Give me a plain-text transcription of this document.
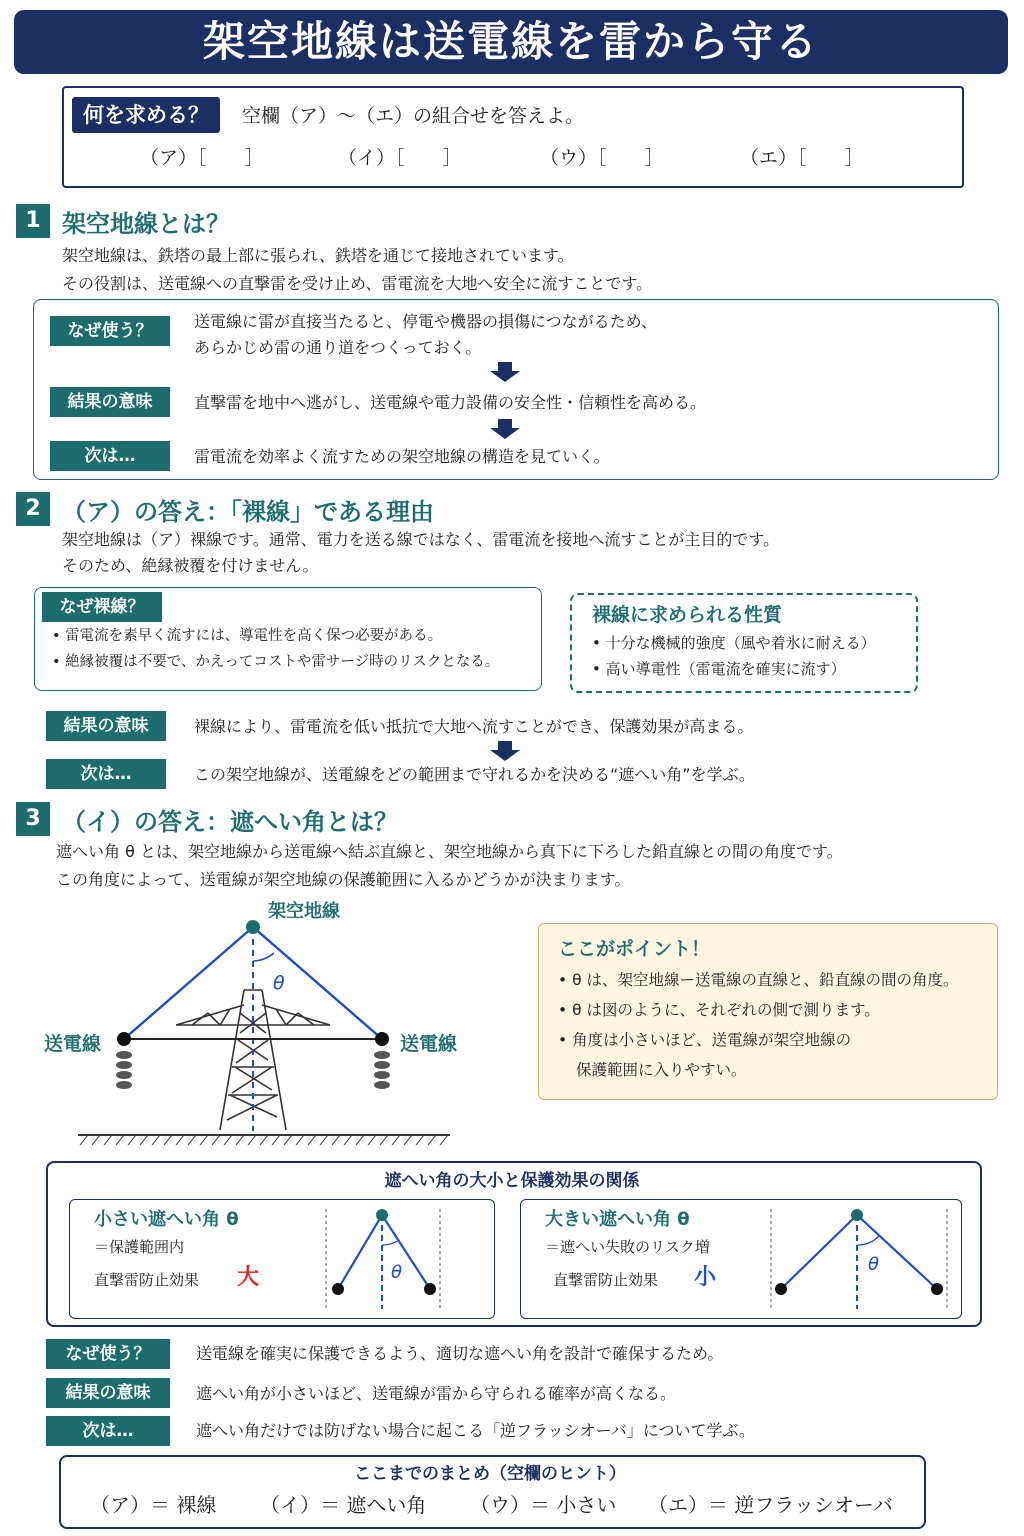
架空地線は送電線を雷から守る
何を求める？	空欄（ア）〜（エ）の組合せを答えよ。
（ア）［　　］	（イ）［　　］	（ウ）［　　］	（エ）［　　］
1 架空地線とは？
架空地線は、鉄塔の最上部に張られ、鉄塔を通じて接地されています。
その役割は、送電線への直撃雷を受け止め、雷電流を大地へ安全に流すことです。
なぜ使う？	送電線に雷が直接当たると、停電や機器の損傷につながるため、
あらかじめ雷の通り道をつくっておく。
結果の意味	直撃雷を地中へ逃がし、送電線や電力設備の安全性・信頼性を高める。
次は…	雷電流を効率よく流すための架空地線の構造を見ていく。
2 （ア）の答え：「裸線」である理由
架空地線は（ア）裸線です。通常、電力を送る線ではなく、雷電流を接地へ流すことが主目的です。
そのため、絶縁被覆を付けません。
なぜ裸線？
• 雷電流を素早く流すには、導電性を高く保つ必要がある。
• 絶縁被覆は不要で、かえってコストや雷サージ時のリスクとなる。
裸線に求められる性質
• 十分な機械的強度（風や着氷に耐える）
• 高い導電性（雷電流を確実に流す）
結果の意味	裸線により、雷電流を低い抵抗で大地へ流すことができ、保護効果が高まる。
次は…	この架空地線が、送電線をどの範囲まで守れるかを決める“遮へい角”を学ぶ。
3 （イ）の答え：遮へい角とは？
遮へい角 θ とは、架空地線から送電線へ結ぶ直線と、架空地線から真下に下ろした鉛直線との間の角度です。
この角度によって、送電線が架空地線の保護範囲に入るかどうかが決まります。
架空地線
送電線	送電線
θ
ここがポイント！
• θ は、架空地線ー送電線の直線と、鉛直線の間の角度。
• θ は図のように、それぞれの側で測ります。
• 角度は小さいほど、送電線が架空地線の
保護範囲に入りやすい。
遮へい角の大小と保護効果の関係
小さい遮へい角 θ
＝保護範囲内
直撃雷防止効果 大	θ
大きい遮へい角 θ
＝遮へい失敗のリスク増
直撃雷防止効果 小
θ
なぜ使う？	送電線を確実に保護できるよう、適切な遮へい角を設計で確保するため。
結果の意味	遮へい角が小さいほど、送電線が雷から守られる確率が高くなる。
次は…	遮へい角だけでは防げない場合に起こる「逆フラッシオーバ」について学ぶ。
ここまでのまとめ（空欄のヒント）
（ア）＝ 裸線 （イ）＝ 遮へい角 （ウ）＝ 小さい （エ）＝ 逆フラッシオーバ
